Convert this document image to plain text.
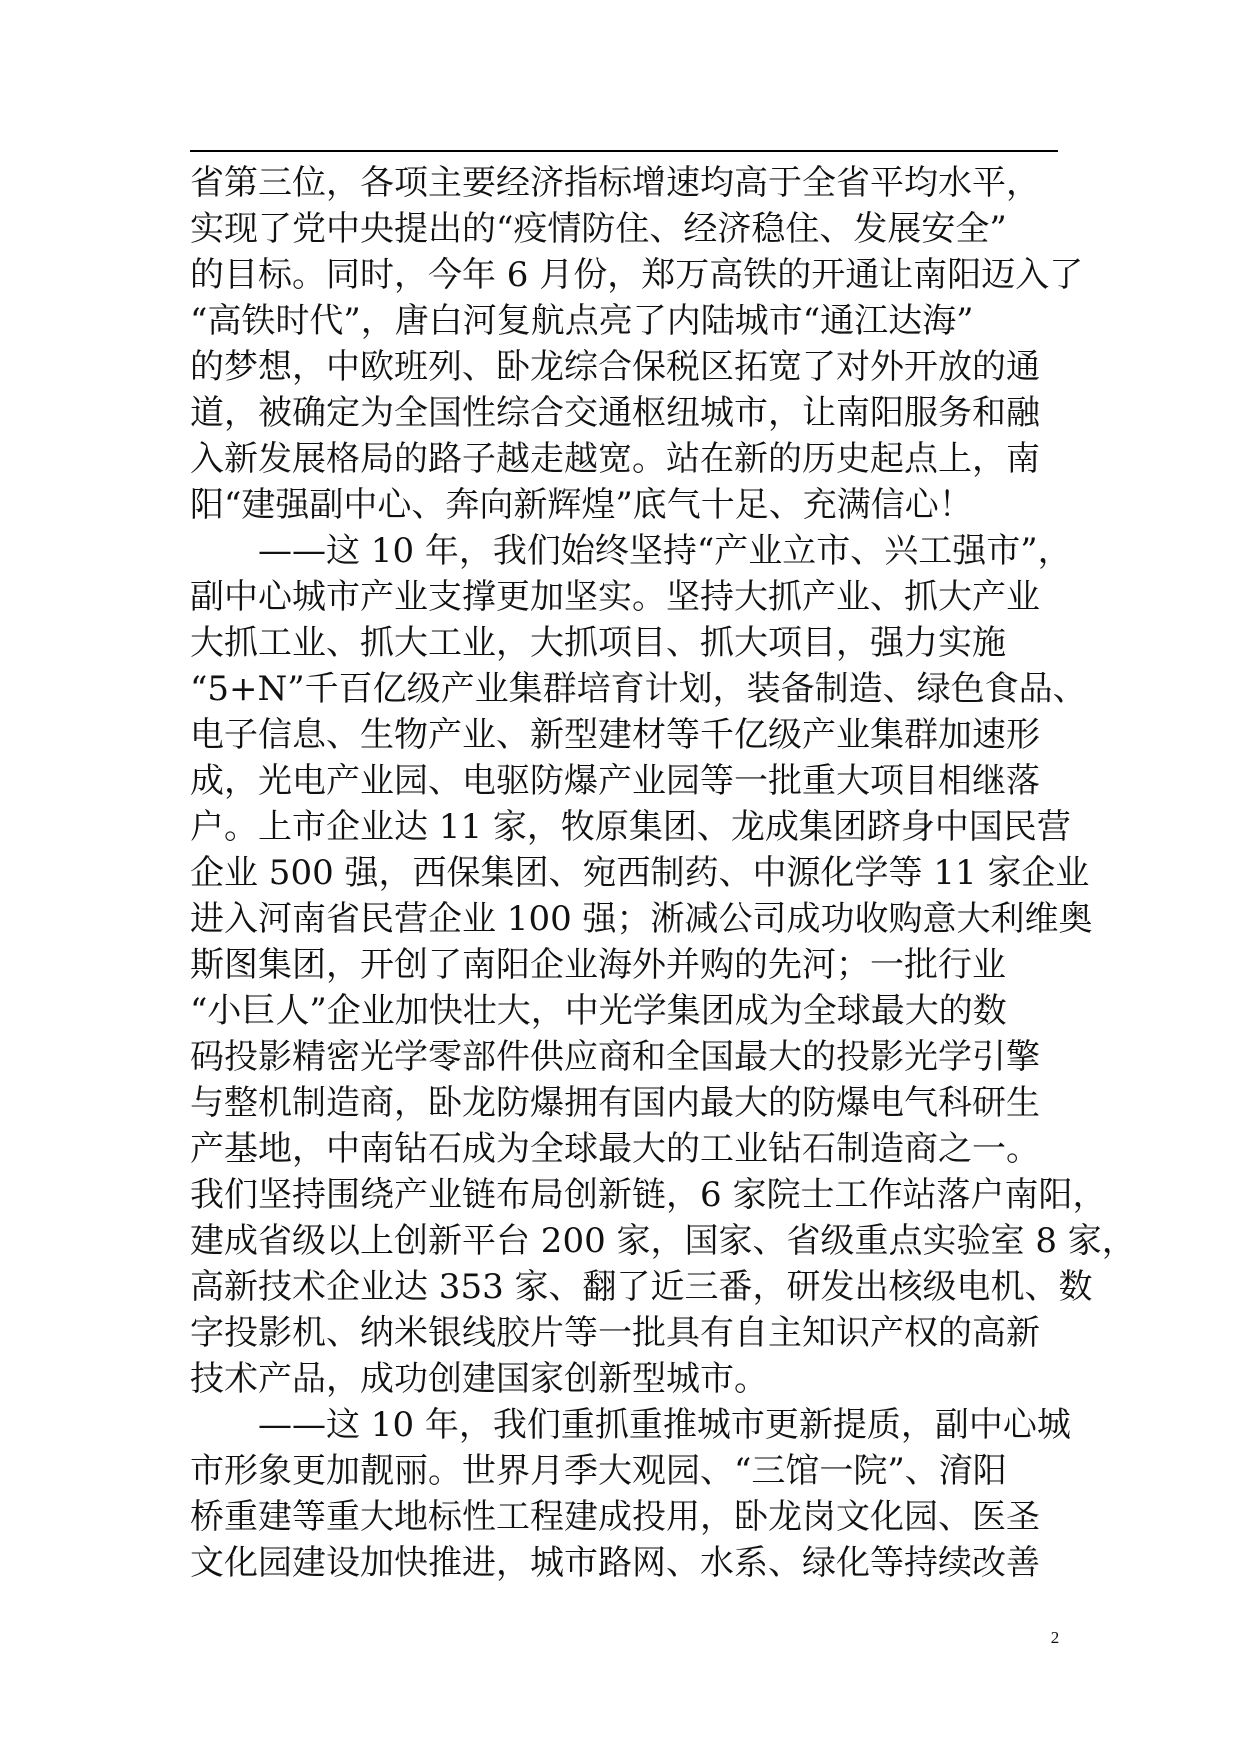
省第三位，各项主要经济指标增速均高于全省平均水平，
实现了党中央提出的“疫情防住、经济稳住、发展安全”
的目标。同时，今年 6 月份，郑万高铁的开通让南阳迈入了
“高铁时代”，唐白河复航点亮了内陆城市“通江达海”
的梦想，中欧班列、卧龙综合保税区拓宽了对外开放的通
道，被确定为全国性综合交通枢纽城市，让南阳服务和融
入新发展格局的路子越走越宽。站在新的历史起点上，南
阳“建强副中心、奔向新辉煌”底气十足、充满信心！
　　——这 10 年，我们始终坚持“产业立市、兴工强市”，
副中心城市产业支撑更加坚实。坚持大抓产业、抓大产业
大抓工业、抓大工业，大抓项目、抓大项目，强力实施
“5+N”千百亿级产业集群培育计划，装备制造、绿色食品、
电子信息、生物产业、新型建材等千亿级产业集群加速形
成，光电产业园、电驱防爆产业园等一批重大项目相继落
户。上市企业达 11 家，牧原集团、龙成集团跻身中国民营
企业 500 强，西保集团、宛西制药、中源化学等 11 家企业
进入河南省民营企业 100 强；淅减公司成功收购意大利维奥
斯图集团，开创了南阳企业海外并购的先河；一批行业
“小巨人”企业加快壮大，中光学集团成为全球最大的数
码投影精密光学零部件供应商和全国最大的投影光学引擎
与整机制造商，卧龙防爆拥有国内最大的防爆电气科研生
产基地，中南钻石成为全球最大的工业钻石制造商之一。
我们坚持围绕产业链布局创新链，6 家院士工作站落户南阳，
建成省级以上创新平台 200 家，国家、省级重点实验室 8 家，
高新技术企业达 353 家、翻了近三番，研发出核级电机、数
字投影机、纳米银线胶片等一批具有自主知识产权的高新
技术产品，成功创建国家创新型城市。
　　——这 10 年，我们重抓重推城市更新提质，副中心城
市形象更加靓丽。世界月季大观园、“三馆一院”、淯阳
桥重建等重大地标性工程建成投用，卧龙岗文化园、医圣
文化园建设加快推进，城市路网、水系、绿化等持续改善
2
